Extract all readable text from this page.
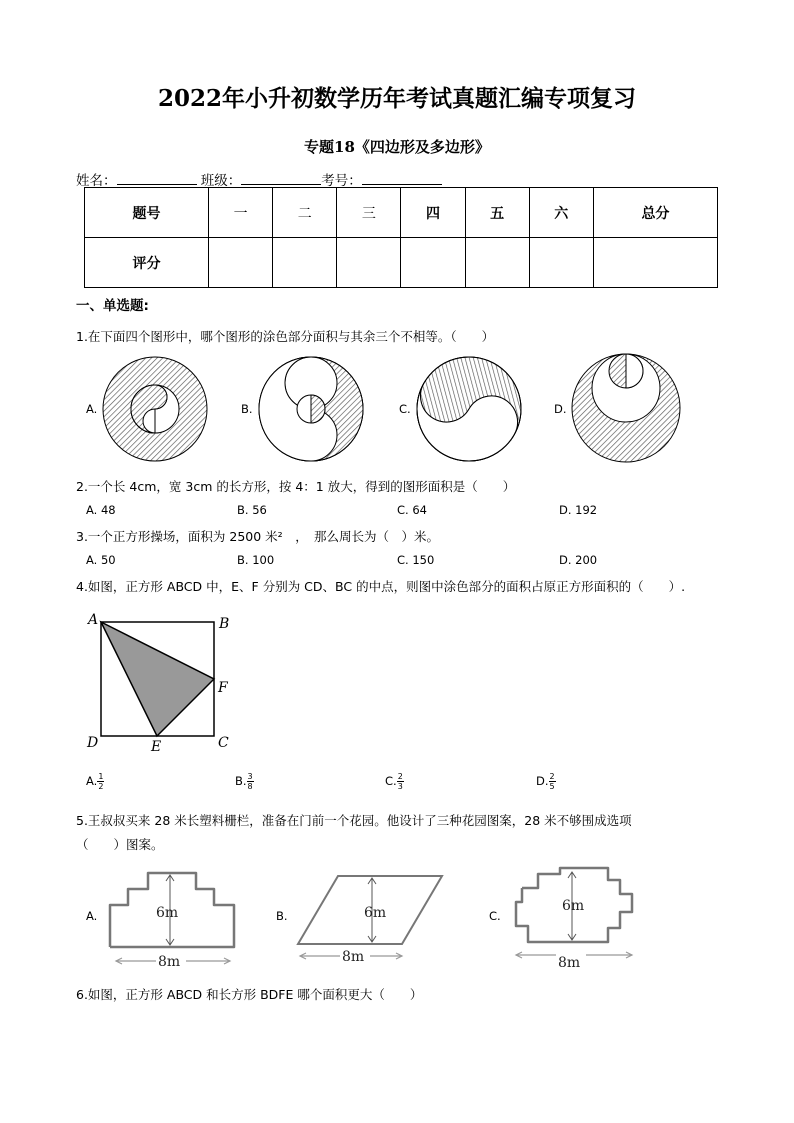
2022年小升初数学历年考试真题汇编专项复习
专题18《四边形及多边形》
姓名：	班级：	考号：
题号	一	二	三	四	五	六	总分
评分							
一、单选题:
1.在下面四个图形中，哪个图形的涂色部分面积与其余三个不相等。（　　）
A.	B.	C.	D.
2.一个长 4cm，宽 3cm 的长方形，按 4：1 放大，得到的图形面积是（　　）
A. 48	B. 56	C. 64	D. 192
3.一个正方形操场，面积为 2500 米²　，　那么周长为（　）米。
A. 50	B. 100	C. 150	D. 200
4.如图，正方形 ABCD 中，E、F 分别为 CD、BC 的中点，则图中涂色部分的面积占原正方形面积的（　　）.
A	B
C
D	E
F
A. $\frac{1}{2}$	B. $\frac{3}{8}$	C. $\frac{2}{3}$	D. $\frac{2}{5}$
5.王叔叔买来 28 米长塑料栅栏，准备在门前一个花园。他设计了三种花园图案，28 米不够围成选项
（　　）图案。
A.	B.	C.
6m
8m
6m
8m
6m
8m
6.如图，正方形 ABCD 和长方形 BDFE 哪个面积更大（　　）
